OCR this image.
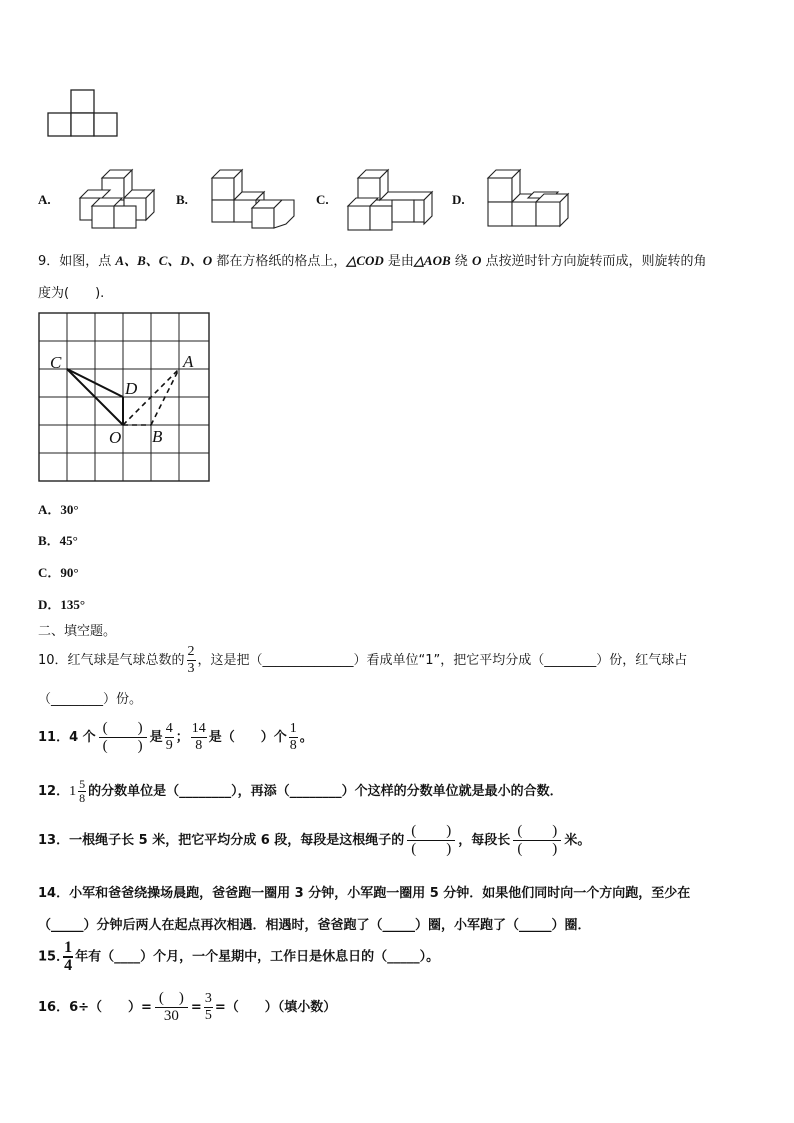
A.	B.	C.	D.
9．如图，点 A、B、C、D、O 都在方格纸的格点上，△COD 是由△AOB 绕 O 点按逆时针方向旋转而成，则旋转的角
度为(　　).
C	A
D
O B
A．30°
B．45°
C．90°
D．135°
二、填空题。
10．红气球是气球总数的 $\frac{2}{3}$ ，这是把（______________）看成单位“1”，把它平均分成（________）份，红气球占
（________）份。
11．4 个
(　　)
(　　)
是 $\frac{4}{9}$ ； $\frac{14}{8}$ 是（　　）个 $\frac{1}{8}$ 。
12．$1 \frac{5}{8}$ 的分数单位是（________），再添（________）个这样的分数单位就是最小的合数．
13．一根绳子长 5 米，把它平均分成 6 段，每段是这根绳子的
(　　)
(　　)
，每段长
(　　)
(　　)
米。
14．小军和爸爸绕操场晨跑，爸爸跑一圈用 3 分钟，小军跑一圈用 5 分钟．如果他们同时向一个方向跑，至少在
（_____）分钟后两人在起点再次相遇．相遇时，爸爸跑了（_____）圈，小军跑了（_____）圈．
15．
$\frac{1}{4}$ 年有（____）个月，一个星期中，工作日是休息日的（_____）。
16．6÷（　　）=
(　)
30
= $\frac{3}{5}$ =（　　）（填小数）
